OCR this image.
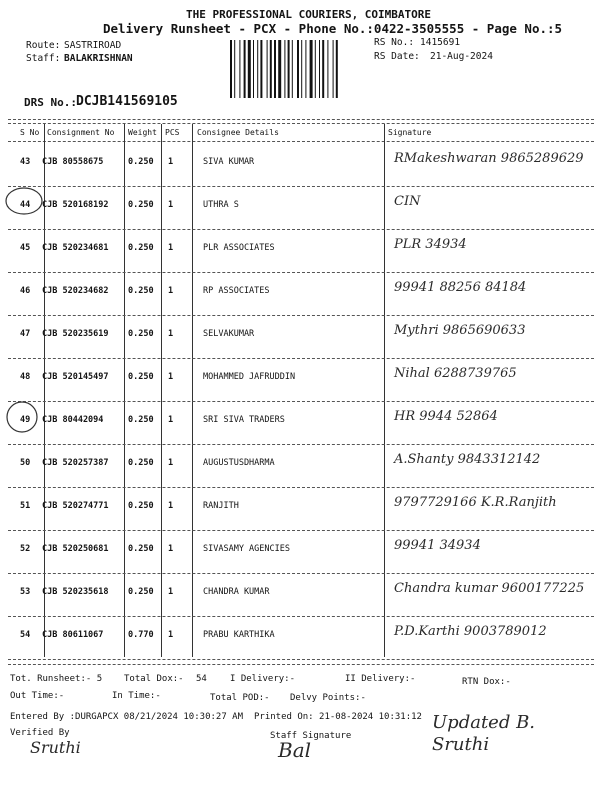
THE PROFESSIONAL COURIERS, COIMBATORE
Delivery Runsheet - PCX - Phone No.:0422-3505555 - Page No.:5
Route: SASTRIROAD
Staff: BALAKRISHNAN
RS No.: 1415691
RS Date: 21-Aug-2024
DRS No.: DCJB141569105
S No Consignment No Weight PCS Consignee Details	Signature
43 CJB 80558675	0.250 1	SIVA KUMAR	RMakeshwaran 9865289629
44 CJB 520168192 0.250 1	UTHRA S	CIN
45 CJB 520234681 0.250 1	PLR ASSOCIATES	PLR 34934
46 CJB 520234682 0.250 1	RP ASSOCIATES	99941 88256 84184
47 CJB 520235619 0.250 1	SELVAKUMAR	Mythri 9865690633
48 CJB 520145497 0.250 1	MOHAMMED JAFRUDDIN	Nihal 6288739765
49 CJB 80442094	0.250 1	SRI SIVA TRADERS	HR 9944 52864
50 CJB 520257387 0.250 1	AUGUSTUSDHARMA	A.Shanty 9843312142
51 CJB 520274771 0.250 1	RANJITH	9797729166 K.R.Ranjith
52 CJB 520250681 0.250 1	SIVASAMY AGENCIES	99941 34934
53 CJB 520235618 0.250 1	CHANDRA KUMAR	Chandra kumar 9600177225
54 CJB 80611067	0.770 1	PRABU KARTHIKA	P.D.Karthi 9003789012
Tot. Runsheet:- 5 Total Dox:- 54	I Delivery:-	II Delivery:-	RTN Dox:-
Out Time:-	In Time:-	Total POD:- Delvy Points:-
Entered By :DURGAPCX 08/21/2024 10:30:27 AM Printed On: 21-08-2024 10:31:12
Verified By	Staff Signature
Sruthi	Bal
Updated B. Sruthi
